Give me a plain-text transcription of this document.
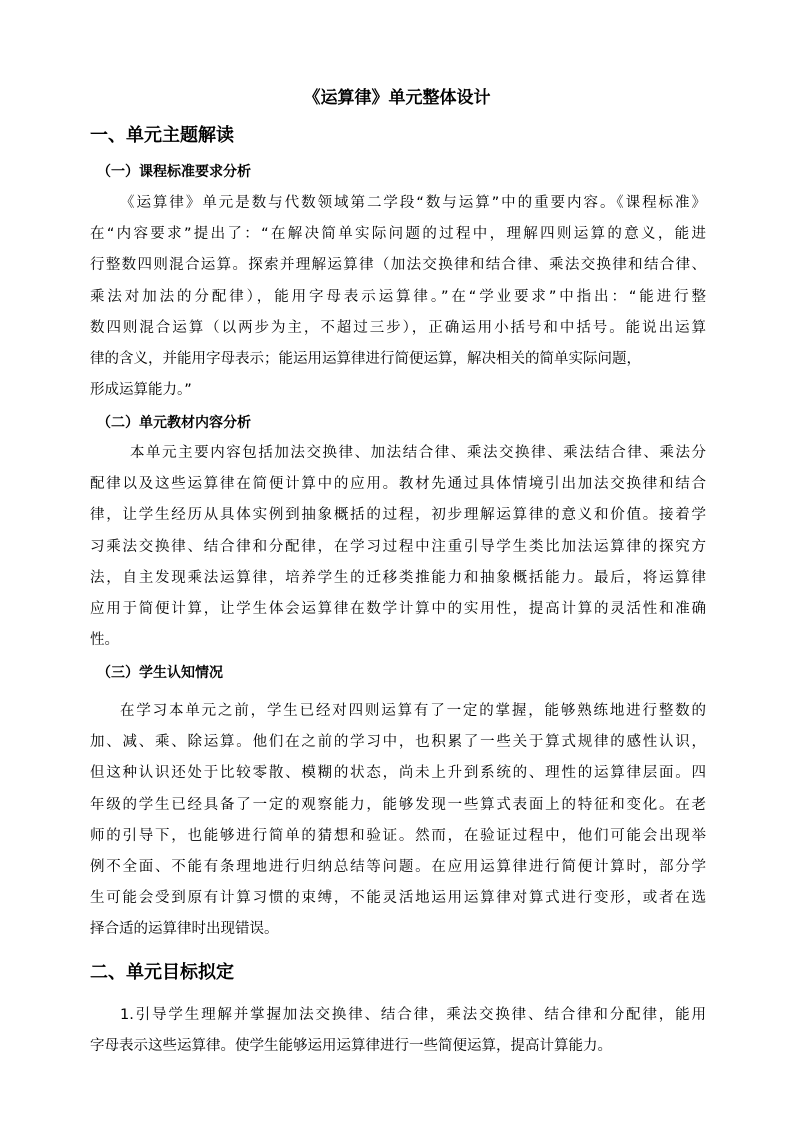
《运算律》单元整体设计
一、单元主题解读
（一）课程标准要求分析
《运算律》单元是数与代数领域第二学段“数与运算”中的重要内容。《课程标准》
在“内容要求”提出了：“在解决简单实际问题的过程中，理解四则运算的意义，能进
行整数四则混合运算。探索并理解运算律（加法交换律和结合律、乘法交换律和结合律、
乘法对加法的分配律），能用字母表示运算律。”在“学业要求”中指出：“能进行整
数四则混合运算（以两步为主，不超过三步），正确运用小括号和中括号。能说出运算
律的含义，并能用字母表示；能运用运算律进行简便运算，解决相关的简单实际问题，
形成运算能力。”
（二）单元教材内容分析
本单元主要内容包括加法交换律、加法结合律、乘法交换律、乘法结合律、乘法分
配律以及这些运算律在简便计算中的应用。教材先通过具体情境引出加法交换律和结合
律，让学生经历从具体实例到抽象概括的过程，初步理解运算律的意义和价值。接着学
习乘法交换律、结合律和分配律，在学习过程中注重引导学生类比加法运算律的探究方
法，自主发现乘法运算律，培养学生的迁移类推能力和抽象概括能力。最后，将运算律
应用于简便计算，让学生体会运算律在数学计算中的实用性，提高计算的灵活性和准确
性。
（三）学生认知情况
在学习本单元之前，学生已经对四则运算有了一定的掌握，能够熟练地进行整数的
加、减、乘、除运算。他们在之前的学习中，也积累了一些关于算式规律的感性认识，
但这种认识还处于比较零散、模糊的状态，尚未上升到系统的、理性的运算律层面。四
年级的学生已经具备了一定的观察能力，能够发现一些算式表面上的特征和变化。在老
师的引导下，也能够进行简单的猜想和验证。然而，在验证过程中，他们可能会出现举
例不全面、不能有条理地进行归纳总结等问题。在应用运算律进行简便计算时，部分学
生可能会受到原有计算习惯的束缚，不能灵活地运用运算律对算式进行变形，或者在选
择合适的运算律时出现错误。
二、单元目标拟定
1.引导学生理解并掌握加法交换律、结合律，乘法交换律、结合律和分配律，能用
字母表示这些运算律。使学生能够运用运算律进行一些简便运算，提高计算能力。
